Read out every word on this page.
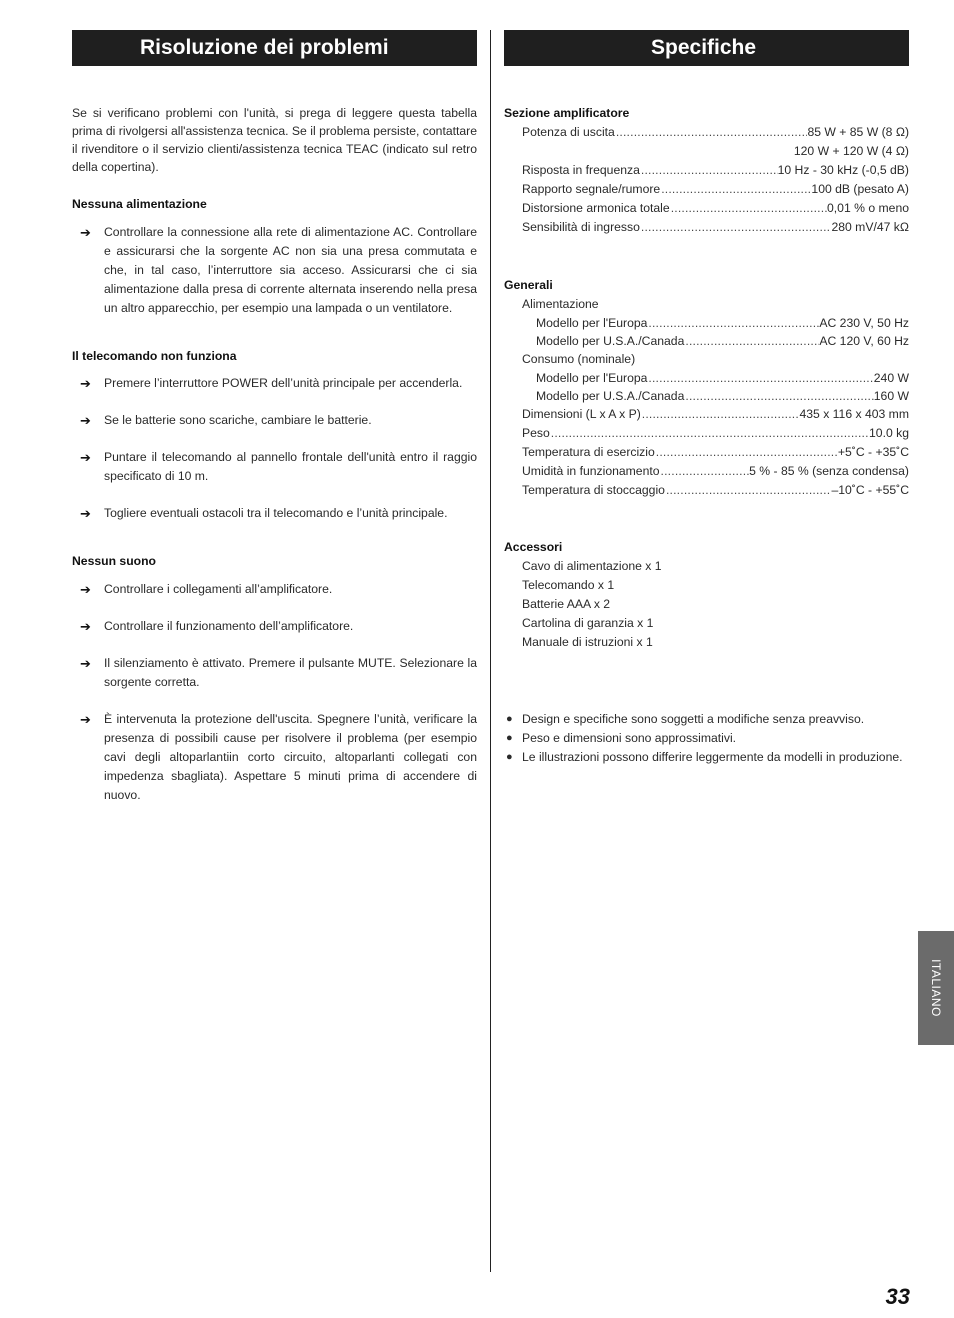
Risoluzione dei problemi	Specifiche

Se si verificano problemi con l'unità, si prega di leggere questa tabella prima di rivolgersi all'assistenza tecnica. Se il problema persiste, contattare il rivenditore o il servizio clienti/assistenza tecnica TEAC (indicato sul retro della copertina).

Nessuna alimentazione

➔ Controllare la connessione alla rete di alimentazione AC. Controllare e assicurarsi che la sorgente AC non sia una presa commutata e che, in tal caso, l’interruttore sia acceso. Assicurarsi che ci sia alimentazione dalla presa di corrente alternata inserendo nella presa un altro apparecchio, per esempio una lampada o un ventilatore.

Il telecomando non funziona

➔ Premere l’interruttore POWER dell’unità principale per accenderla.
➔ Se le batterie sono scariche, cambiare le batterie.
➔ Puntare il telecomando al pannello frontale dell'unità entro il raggio specificato di 10 m.
➔ Togliere eventuali ostacoli tra il telecomando e l’unità principale.

Nessun suono

➔ Controllare i collegamenti all’amplificatore.
➔ Controllare il funzionamento dell’amplificatore.
➔ Il silenziamento è attivato. Premere il pulsante MUTE. Selezionare la sorgente corretta.
➔ È intervenuta la protezione dell'uscita. Spegnere l’unità, verificare la presenza di possibili cause per risolvere il problema (per esempio cavi degli altoparlantiin corto circuito, altoparlanti collegati con impedenza sbagliata). Aspettare 5 minuti prima di accendere di nuovo.

Sezione amplificatore

Potenza di uscita . . .	85 W + 85 W (8 Ω)
120 W + 120 W (4 Ω)
Risposta in frequenza . . .	10 Hz - 30 kHz (-0,5 dB)
Rapporto segnale/rumore . . .	100 dB (pesato A)
Distorsione armonica totale . . .	0,01 % o meno
Sensibilità di ingresso . . .	280 mV/47 kΩ

Generali

Alimentazione
Modello per l'Europa . . .	AC 230 V, 50 Hz
Modello per U.S.A./Canada . . .	AC 120 V, 60 Hz
Consumo (nominale)
Modello per l'Europa . . .	240 W
Modello per U.S.A./Canada . . .	160 W
Dimensioni (L x A x P) . . .	435 x 116 x 403 mm
Peso . . .	10.0 kg
Temperatura di esercizio . . .	+5˚C - +35˚C
Umidità in funzionamento . . .	5 % - 85 % (senza condensa)
Temperatura di stoccaggio . . .	–10˚C - +55˚C

Accessori

Cavo di alimentazione x 1
Telecomando x 1
Batterie AAA x 2
Cartolina di garanzia x 1
Manuale di istruzioni x 1
● Design e specifiche sono soggetti a modifiche senza preavviso.
● Peso e dimensioni sono approssimativi.
● Le illustrazioni possono differire leggermente da modelli in produzione.
ITALIANO
33
